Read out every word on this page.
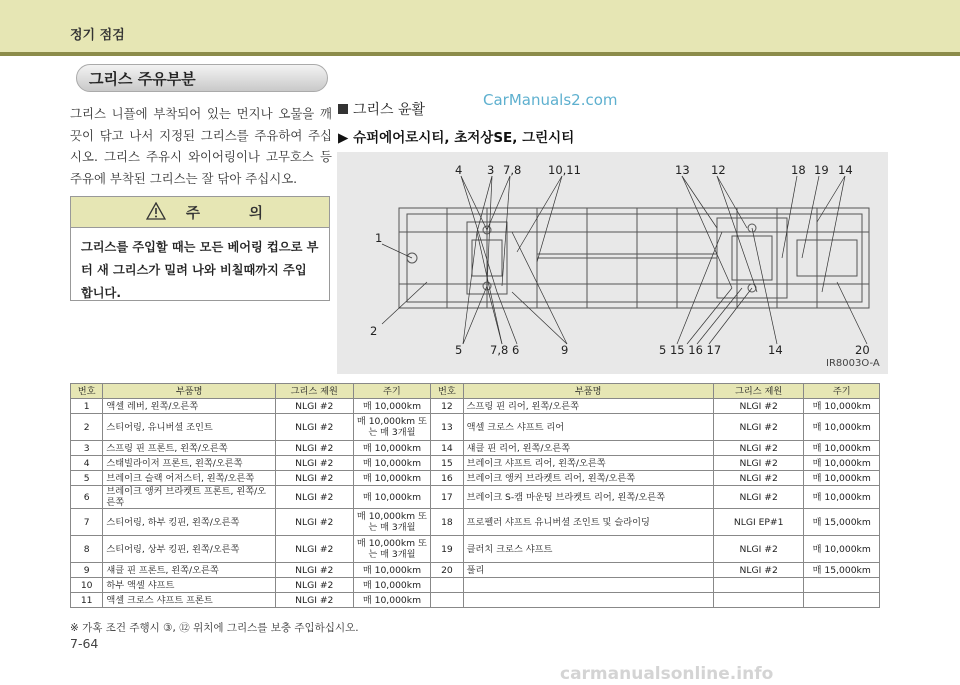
정기 점검
그리스 주유부분
그리스 니플에 부착되어 있는 먼지나 오물을 깨끗이 닦고 나서 지정된 그리스를 주유하여 주십시오. 그리스 주유시 와이어링이나 고무호스 등 주유에 부착된 그리스는 잘 닦아 주십시오.
주 의
그리스를 주입할 때는 모든 베어링 컵으로 부터 새 그리스가 밀려 나와 비칠때까지 주입 합니다.
CarManuals2.com
그리스 윤활
▶ 슈퍼에어로시티, 초저상SE, 그린시티
4 3 7,8 10,11	13 12	18 19 14
1
2
5 7,8 6	9	5 15 16 17	14	20
IR8003O-A
번호	부품명	그리스 제원	주기	번호	부품명	그리스 제원	주기
1	액셀 레버, 왼쪽/오른쪽	NLGI #2	매 10,000km	12	스프링 핀 리어, 왼쪽/오른쪽	NLGI #2	매 10,000km
2	스티어링, 유니버셜 조인트	NLGI #2	매 10,000km 또는 매 3개월	13	액셀 크로스 샤프트 리어	NLGI #2	매 10,000km
3	스프링 핀 프론트, 왼쪽/오른쪽	NLGI #2	매 10,000km	14	섀클 핀 리어, 왼쪽/오른쪽	NLGI #2	매 10,000km
4	스태빌라이저 프론트, 왼쪽/오른쪽	NLGI #2	매 10,000km	15	브레이크 샤프트 리어, 왼쪽/오른쪽	NLGI #2	매 10,000km
5	브레이크 슬랙 어저스터, 왼쪽/오른쪽	NLGI #2	매 10,000km	16	브레이크 앵커 브라켓트 리어, 왼쪽/오른쪽	NLGI #2	매 10,000km
6	브레이크 앵커 브라켓트 프론트, 왼쪽/오른쪽	NLGI #2	매 10,000km	17	브레이크 S-캠 마운팅 브라켓트 리어, 왼쪽/오른쪽	NLGI #2	매 10,000km
7	스티어링, 하부 킹핀, 왼쪽/오른쪽	NLGI #2	매 10,000km 또는 매 3개월	18	프로펠러 샤프트 유니버셜 조인트 및 슬라이딩	NLGI EP#1	매 15,000km
8	스티어링, 상부 킹핀, 왼쪽/오른쪽	NLGI #2	매 10,000km 또는 매 3개월	19	클러치 크로스 샤프트	NLGI #2	매 10,000km
9	섀클 핀 프론트, 왼쪽/오른쪽	NLGI #2	매 10,000km	20	풀리	NLGI #2	매 15,000km
10	하부 액셀 샤프트	NLGI #2	매 10,000km				
11	액셀 크로스 샤프트 프론트	NLGI #2	매 10,000km				
※ 가혹 조건 주행시 ③, ⑫ 위치에 그리스를 보충 주입하십시오.
7-64
carmanualsonline.info
